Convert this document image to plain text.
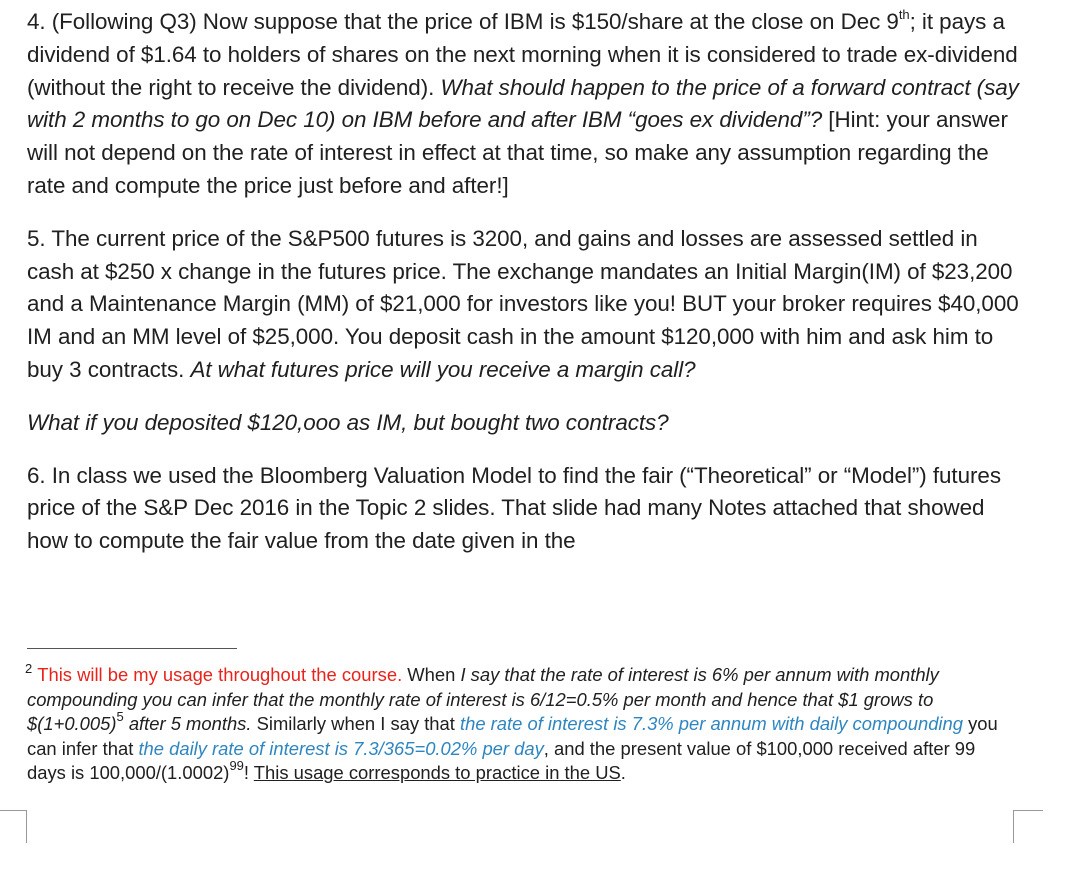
4. (Following Q3) Now suppose that the price of IBM is $150/share at the close on Dec 9th; it pays a dividend of $1.64 to holders of shares on the next morning when it is considered to trade ex-dividend (without the right to receive the dividend). What should happen to the price of a forward contract (say with 2 months to go on Dec 10) on IBM before and after IBM “goes ex dividend”? [Hint: your answer will not depend on the rate of interest in effect at that time, so make any assumption regarding the rate and compute the price just before and after!]

5. The current price of the S&P500 futures is 3200, and gains and losses are assessed settled in cash at $250 x change in the futures price. The exchange mandates an Initial Margin(IM) of $23,200 and a Maintenance Margin (MM) of $21,000 for investors like you! BUT your broker requires $40,000 IM and an MM level of $25,000. You deposit cash in the amount $120,000 with him and ask him to buy 3 contracts. At what futures price will you receive a margin call?

What if you deposited $120,ooo as IM, but bought two contracts?

6. In class we used the Bloomberg Valuation Model to find the fair (“Theoretical” or “Model”) futures price of the S&P Dec 2016 in the Topic 2 slides. That slide had many Notes attached that showed how to compute the fair value from the date given in the

2 This will be my usage throughout the course. When I say that the rate of interest is 6% per annum with monthly compounding you can infer that the monthly rate of interest is 6/12=0.5% per month and hence that $1 grows to $\$(1+0.005)^5$ after 5 months. Similarly when I say that the rate of interest is 7.3% per annum with daily compounding you can infer that the daily rate of interest is 7.3/365=0.02% per day, and the present value of $100,000 received after 99 days is $100,000/(1.0002)^{99}$! This usage corresponds to practice in the US.
